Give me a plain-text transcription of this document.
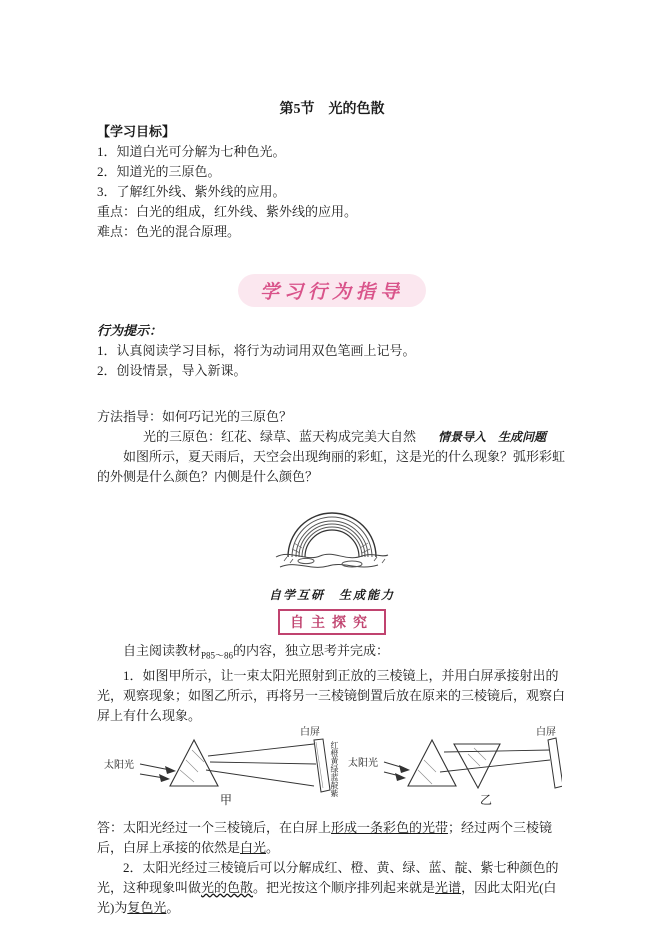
第5节　光的色散
【学习目标】
1．知道白光可分解为七种色光。
2．知道光的三原色。
3．了解红外线、紫外线的应用。
重点：白光的组成，红外线、紫外线的应用。
难点：色光的混合原理。
学习行为指导
行为提示：
1．认真阅读学习目标，将行为动词用双色笔画上记号。
2．创设情景，导入新课。
方法指导：如何巧记光的三原色？
光的三原色：红花、绿草、蓝天构成完美大自然 情景导入　生成问题
如图所示，夏天雨后，天空会出现绚丽的彩虹，这是光的什么现象？弧形彩虹的外侧是什么颜色？内侧是什么颜色？
自学互研　生成能力
自主探究
自主阅读教材$_{P85\sim 86}$的内容，独立思考并完成：
1．如图甲所示，让一束太阳光照射到正放的三棱镜上，并用白屏承接射出的光，观察现象；如图乙所示，再将另一三棱镜倒置后放在原来的三棱镜后，观察白屏上有什么现象。
太阳光
白屏
红橙黄绿蓝靛紫
甲
太阳光
白屏
乙
答：太阳光经过一个三棱镜后，在白屏上形成一条彩色的光带；经过两个三棱镜后，白屏上承接的依然是白光。
2．太阳光经过三棱镜后可以分解成红、橙、黄、绿、蓝、靛、紫七种颜色的光，这种现象叫做光的色散。把光按这个顺序排列起来就是光谱，因此太阳光(白光)为复色光。
